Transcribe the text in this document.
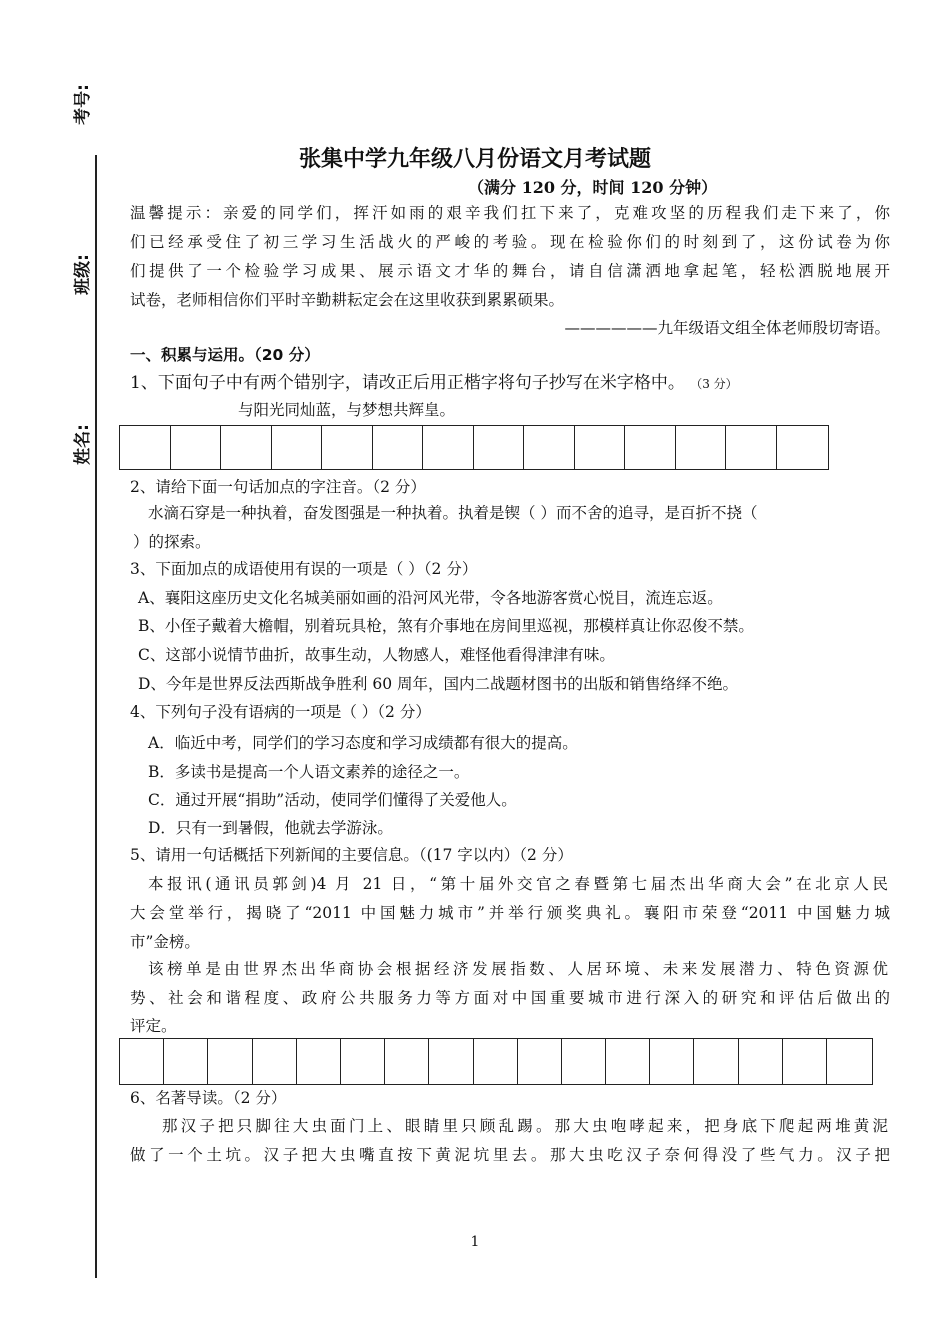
考号:
班级:
姓名:
张集中学九年级八月份语文月考试题
（满分 120 分，时间 120 分钟）
温馨提示：亲爱的同学们，挥汗如雨的艰辛我们扛下来了，克难攻坚的历程我们走下来了，你
们已经承受住了初三学习生活战火的严峻的考验。现在检验你们的时刻到了，这份试卷为你
们提供了一个检验学习成果、展示语文才华的舞台，请自信潇洒地拿起笔，轻松洒脱地展开
试卷，老师相信你们平时辛勤耕耘定会在这里收获到累累硕果。
——————九年级语文组全体老师殷切寄语。
一、积累与运用。（20 分）
1、下面句子中有两个错别字，请改正后用正楷字将句子抄写在米字格中。 （3 分）
与阳光同灿蓝，与梦想共辉皇。
2、请给下面一句话加点的字注音。（2 分）
水滴石穿是一种执着，奋发图强是一种执着。执着是锲（ ）而不舍的追寻，是百折不挠（
）的探索。
3、下面加点的成语使用有误的一项是（ ）（2 分）
A、襄阳这座历史文化名城美丽如画的沿河风光带，令各地游客赏心悦目，流连忘返。
B、小侄子戴着大檐帽，别着玩具枪，煞有介事地在房间里巡视，那模样真让你忍俊不禁。
C、这部小说情节曲折，故事生动，人物感人，难怪他看得津津有味。
D、今年是世界反法西斯战争胜利 60 周年，国内二战题材图书的出版和销售络绎不绝。
4、下列句子没有语病的一项是（ ）（2 分）
A．临近中考，同学们的学习态度和学习成绩都有很大的提高。
B．多读书是提高一个人语文素养的途径之一。
C．通过开展“捐助”活动，使同学们懂得了关爱他人。
D．只有一到暑假，他就去学游泳。
5、请用一句话概括下列新闻的主要信息。（(17 字以内）（2 分）
本报讯(通讯员郭剑)4 月 21 日，“第十届外交官之春暨第七届杰出华商大会”在北京人民
大会堂举行，揭晓了“2011 中国魅力城市”并举行颁奖典礼。襄阳市荣登“2011 中国魅力城
市”金榜。
该榜单是由世界杰出华商协会根据经济发展指数、人居环境、未来发展潜力、特色资源优
势、社会和谐程度、政府公共服务力等方面对中国重要城市进行深入的研究和评估后做出的
评定。
6、名著导读。（2 分）
那汉子把只脚往大虫面门上、眼睛里只顾乱踢。那大虫咆哮起来，把身底下爬起两堆黄泥
做了一个土坑。汉子把大虫嘴直按下黄泥坑里去。那大虫吃汉子奈何得没了些气力。汉子把
1
